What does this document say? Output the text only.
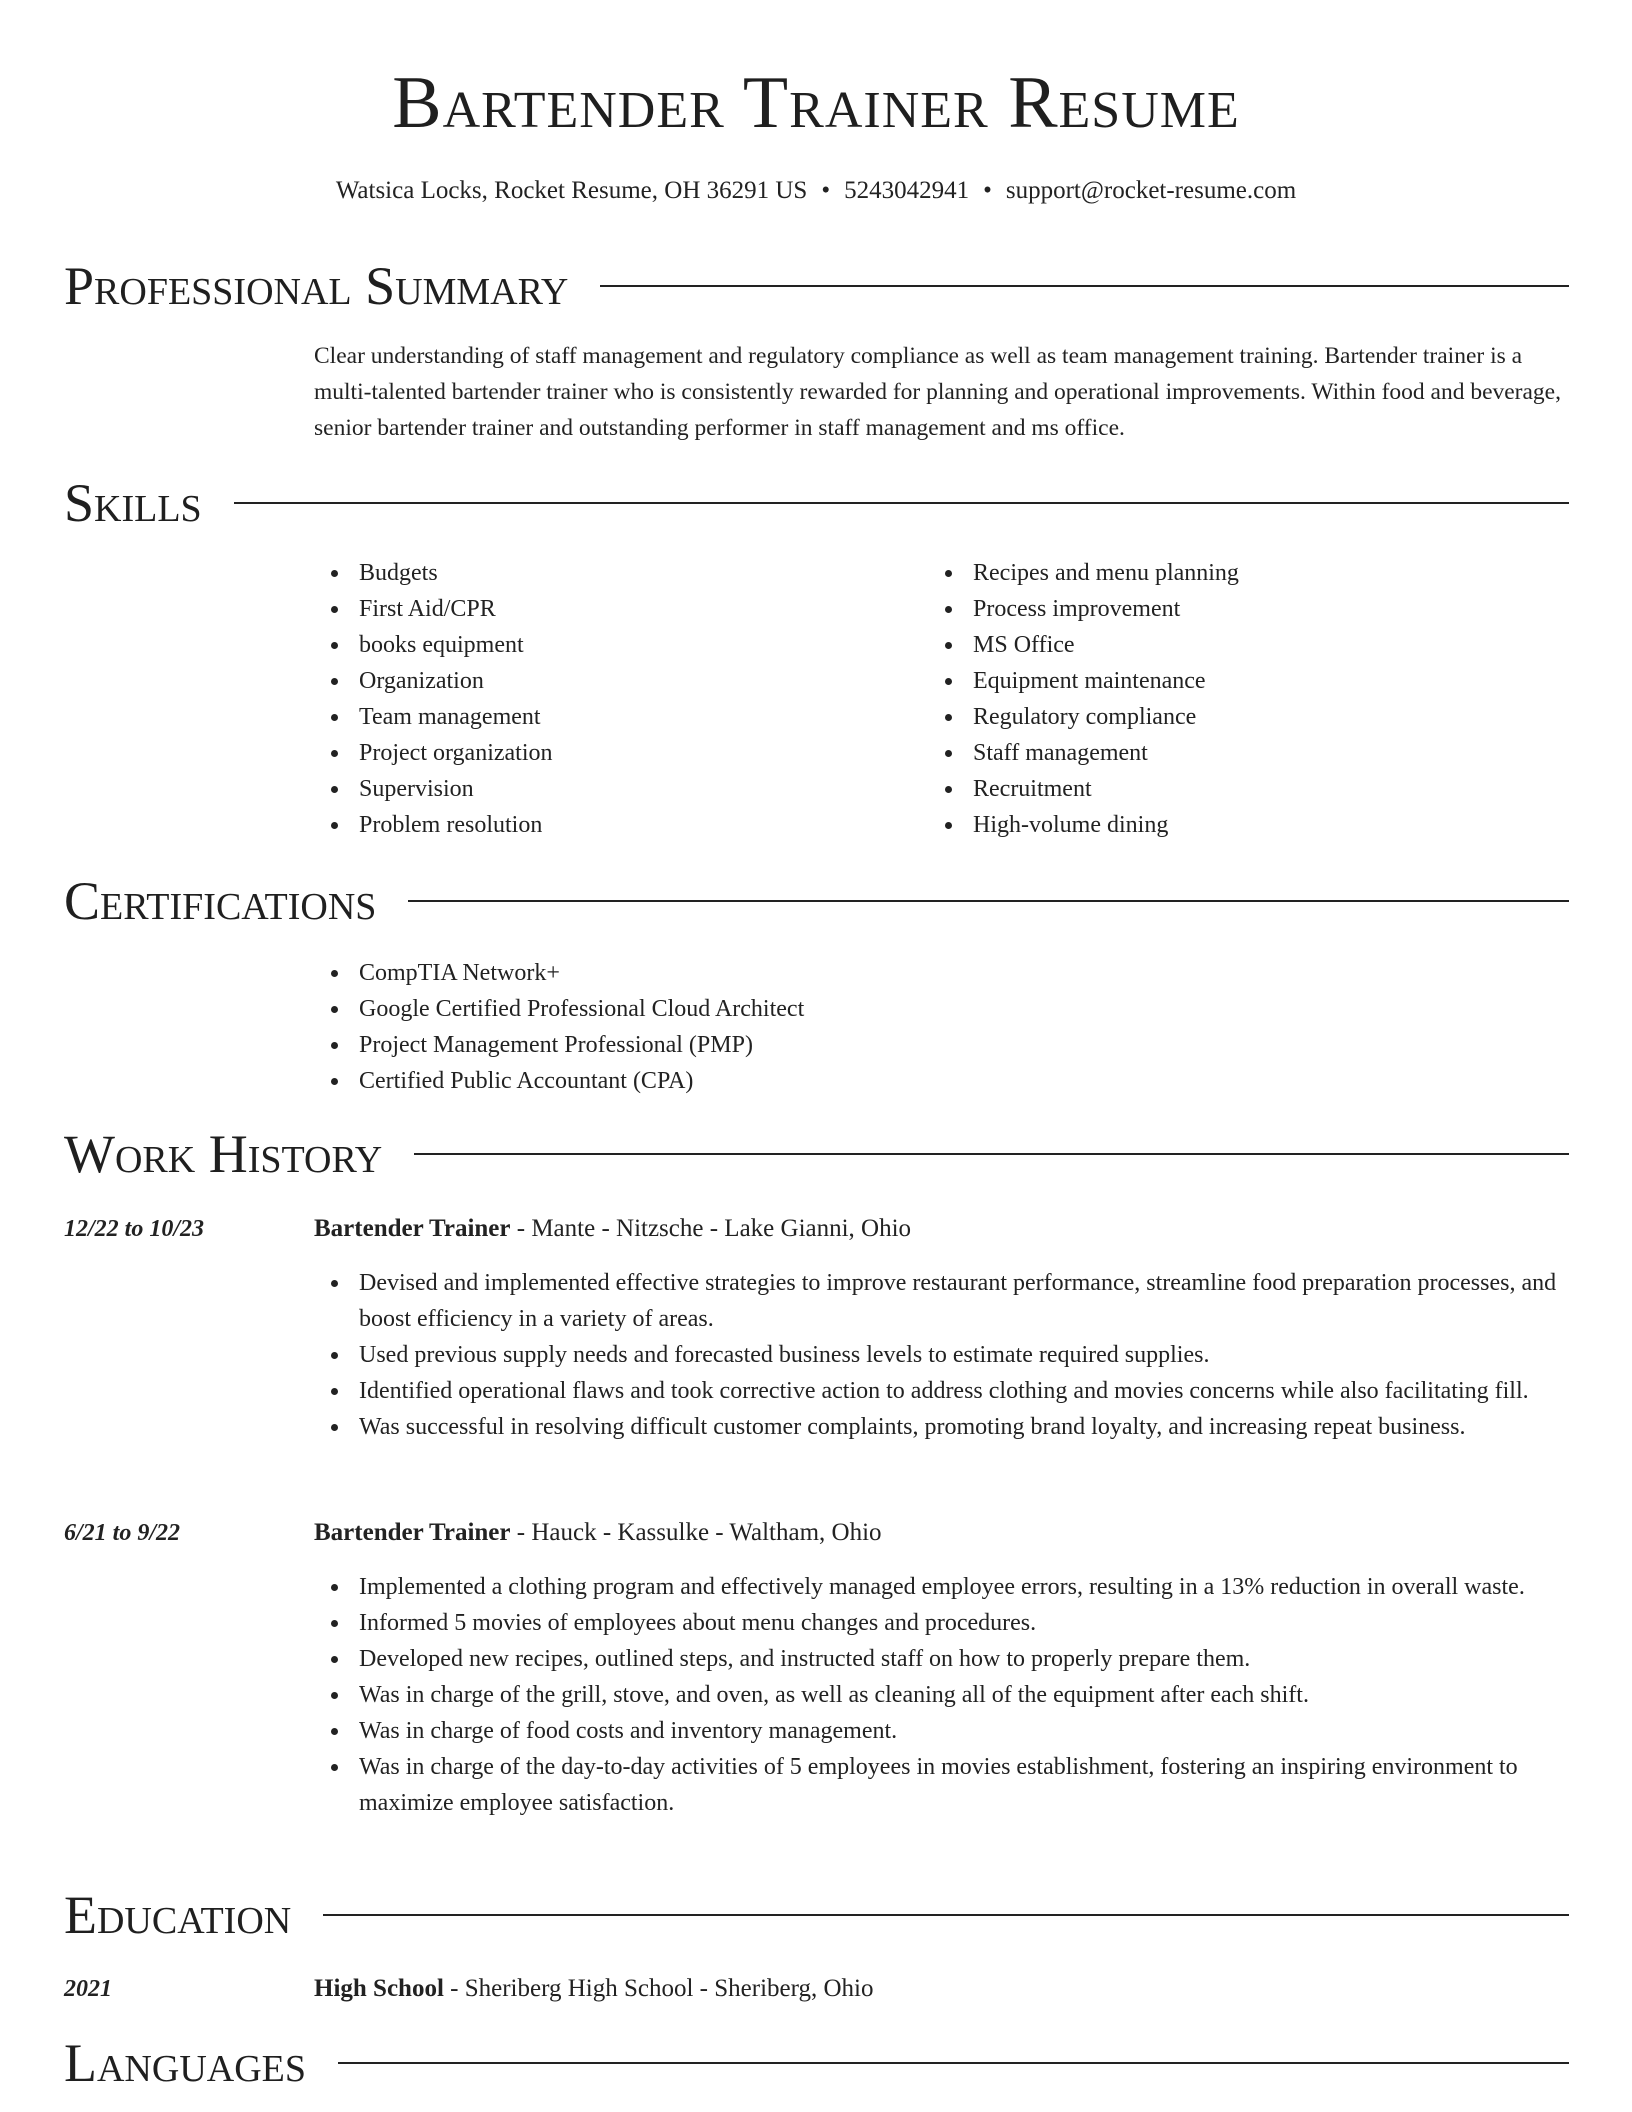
Bartender Trainer Resume
Watsica Locks, Rocket Resume, OH 36291 US • 5243042941 • support@rocket-resume.com
Professional Summary
Clear understanding of staff management and regulatory compliance as well as team management training. Bartender trainer is a multi-talented bartender trainer who is consistently rewarded for planning and operational improvements. Within food and beverage, senior bartender trainer and outstanding performer in staff management and ms office.
Skills
Budgets
First Aid/CPR
books equipment
Organization
Team management
Project organization
Supervision
Problem resolution
Recipes and menu planning
Process improvement
MS Office
Equipment maintenance
Regulatory compliance
Staff management
Recruitment
High-volume dining
Certifications
CompTIA Network+
Google Certified Professional Cloud Architect
Project Management Professional (PMP)
Certified Public Accountant (CPA)
Work History
12/22 to 10/23	Bartender Trainer - Mante - Nitzsche - Lake Gianni, Ohio
Devised and implemented effective strategies to improve restaurant performance, streamline food preparation processes, and boost efficiency in a variety of areas.
Used previous supply needs and forecasted business levels to estimate required supplies.
Identified operational flaws and took corrective action to address clothing and movies concerns while also facilitating fill.
Was successful in resolving difficult customer complaints, promoting brand loyalty, and increasing repeat business.
6/21 to 9/22	Bartender Trainer - Hauck - Kassulke - Waltham, Ohio
Implemented a clothing program and effectively managed employee errors, resulting in a 13% reduction in overall waste.
Informed 5 movies of employees about menu changes and procedures.
Developed new recipes, outlined steps, and instructed staff on how to properly prepare them.
Was in charge of the grill, stove, and oven, as well as cleaning all of the equipment after each shift.
Was in charge of food costs and inventory management.
Was in charge of the day-to-day activities of 5 employees in movies establishment, fostering an inspiring environment to maximize employee satisfaction.
Education
2021	High School - Sheriberg High School - Sheriberg, Ohio
Languages
